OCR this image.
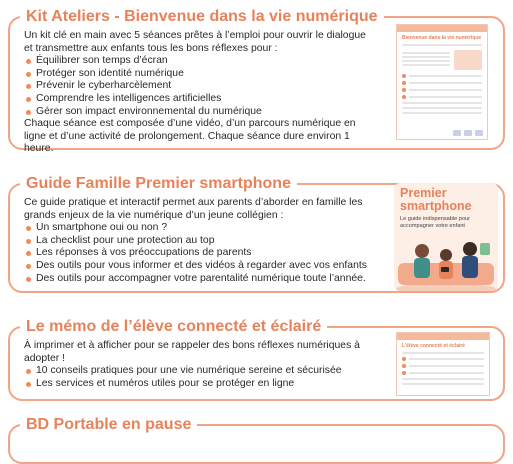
Kit Ateliers - Bienvenue dans la vie numérique
Un kit clé en main avec 5 séances prêtes à l’emploi pour ouvrir le dialogue et transmettre aux enfants tous les bons réflexes pour :
Équilibrer son temps d’écran
Protéger son identité numérique
Prévenir le cyberharcèlement
Comprendre les intelligences artificielles
Gérer son impact environnemental du numérique
Chaque séance est composée d’une vidéo, d’un parcours numérique en ligne et d’une activité de prolongement. Chaque séance dure environ 1 heure.
Bienvenue dans la vie numérique
Guide Famille Premier smartphone
Ce guide pratique et interactif permet aux parents d’aborder en famille les grands enjeux de la vie numérique d’un jeune collégien :
Un smartphone oui ou non ?
La checklist pour une protection au top
Les réponses à vos préoccupations de parents
Des outils pour vous informer et des vidéos à regarder avec vos enfants
Des outils pour accompagner votre parentalité numérique toute l’année.
Premier smartphone
Le guide indispensable pour accompagner votre enfant
Le mémo de l’élève connecté et éclairé
À imprimer et à afficher pour se rappeler des bons réflexes numériques à adopter !
10 conseils pratiques pour une vie numérique sereine et sécurisée
Les services et numéros utiles pour se protéger en ligne
L’élève connecté et éclairé
BD Portable en pause
